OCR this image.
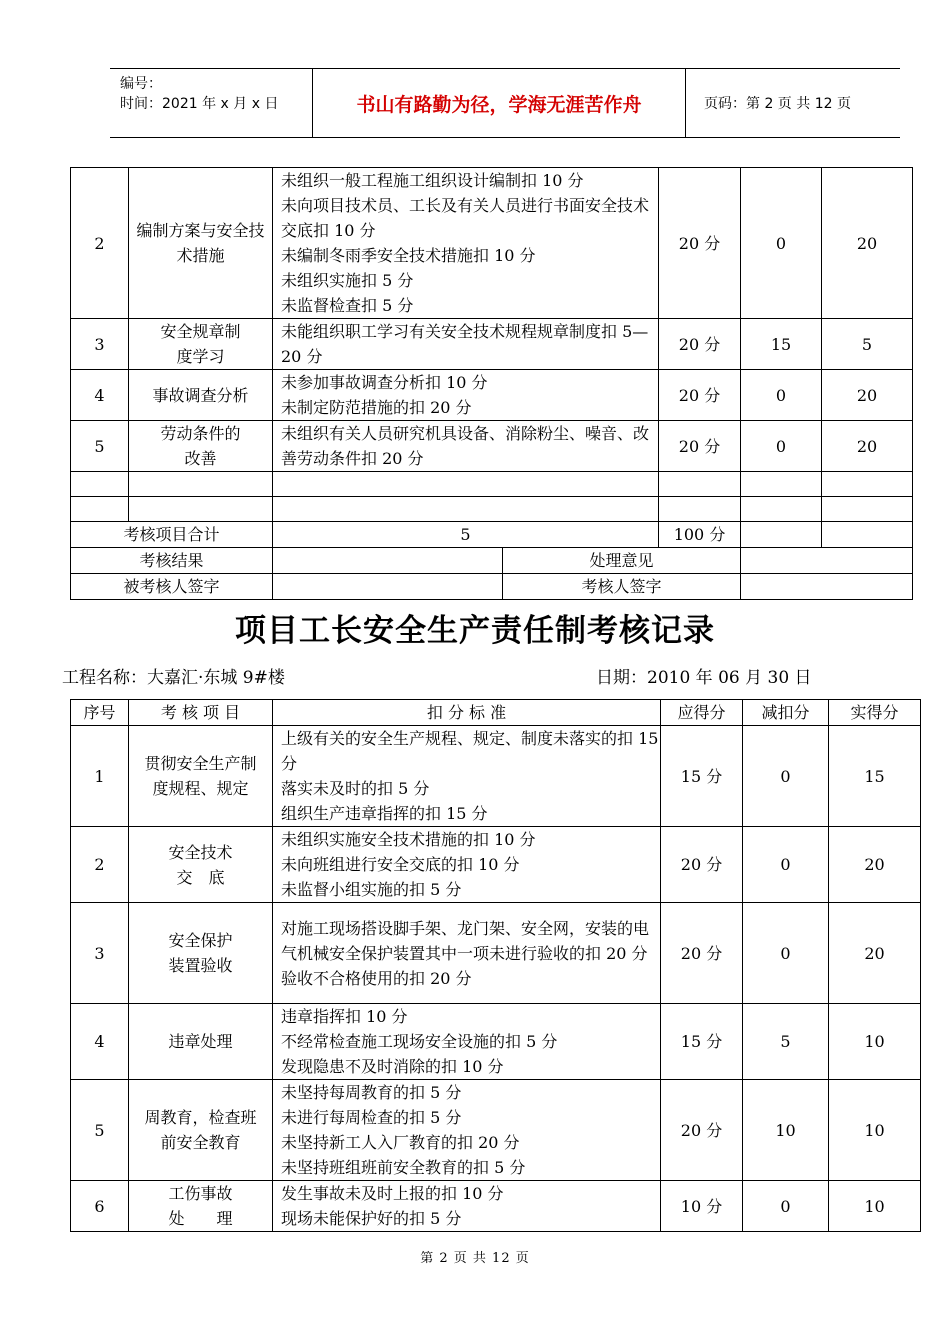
编号：
时间：2021 年 x 月 x 日	书山有路勤为径，学海无涯苦作舟	页码：第 2 页 共 12 页
2	编制方案与安全技术措施	未组织一般工程施工组织设计编制扣 10 分
未向项目技术员、工长及有关人员进行书面安全技术交底扣 10 分
未编制冬雨季安全技术措施扣 10 分
未组织实施扣 5 分
未监督检查扣 5 分		20 分	0	20
3	安全规章制度学习	未能组织职工学习有关安全技术规程规章制度扣 5—20 分		20 分	15	5
4	事故调查分析	未参加事故调查分析扣 10 分
未制定防范措施的扣 20 分		20 分	0	20
5	劳动条件的改善	未组织有关人员研究机具设备、消除粉尘、噪音、改善劳动条件扣 20 分		20 分	0	20

考核项目合计		5		100 分		
考核结果			处理意见			
被考核人签字			考核人签字			
项目工长安全生产责任制考核记录
工程名称：大嘉汇·东城 9#楼	日期：2010 年 06 月 30 日
序号	考 核 项 目	扣 分 标 准	应得分	减扣分	实得分
1	贯彻安全生产制度规程、规定	上级有关的安全生产规程、规定、制度未落实的扣 15 分
落实未及时的扣 5 分
组织生产违章指挥的扣 15 分	15 分	0	15
2	安全技术交　底	未组织实施安全技术措施的扣 10 分
未向班组进行安全交底的扣 10 分
未监督小组实施的扣 5 分	20 分	0	20
3	安全保护装置验收	对施工现场搭设脚手架、龙门架、安全网，安装的电气机械安全保护装置其中一项未进行验收的扣 20 分
验收不合格使用的扣 20 分	20 分	0	20
4	违章处理	违章指挥扣 10 分
不经常检查施工现场安全设施的扣 5 分
发现隐患不及时消除的扣 10 分	15 分	5	10
5	周教育，检查班前安全教育	未坚持每周教育的扣 5 分
未进行每周检查的扣 5 分
未坚持新工人入厂教育的扣 20 分
未坚持班组班前安全教育的扣 5 分	20 分	10	10
6	工伤事故处　　理	发生事故未及时上报的扣 10 分
现场未能保护好的扣 5 分	10 分	0	10
第 2 页 共 12 页
